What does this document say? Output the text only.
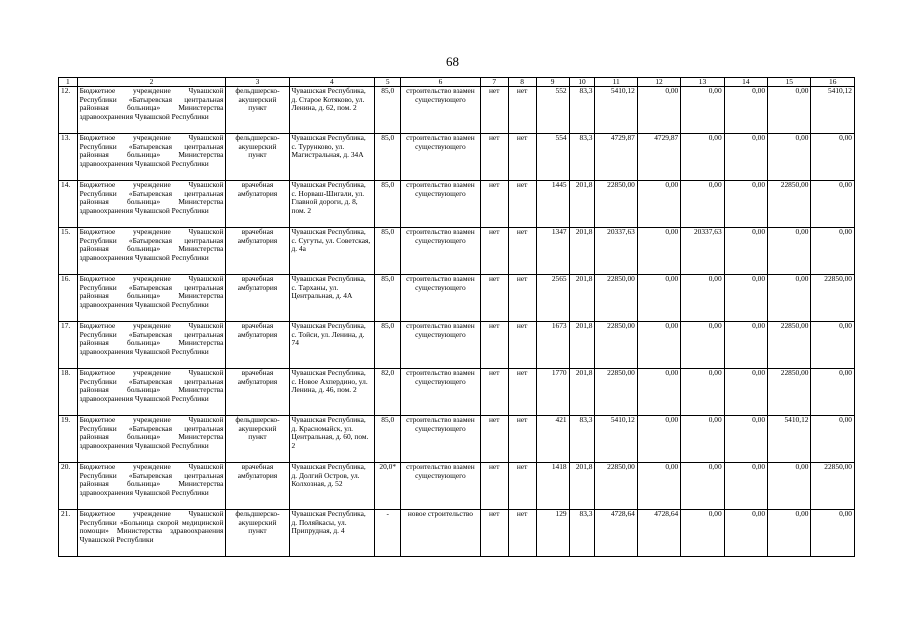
68
1	2	3	4	5	6	7	8	9	10	11	12	13	14	15	16
12.	Бюджетное учреждение Чувашской Республики «Батыревская центральная районная больница» Министерства здравоохранения Чувашской Республики	фельдшерско-акушерский пункт	Чувашская Республика, д. Старое Котяково, ул. Ленина, д. 62, пом. 2	85,0	строительство взамен существующего	нет	нет	552	83,3	5410,12	0,00	0,00	0,00	0,00	5410,12
13.	Бюджетное учреждение Чувашской Республики «Батыревская центральная районная больница» Министерства здравоохранения Чувашской Республики	фельдшерско-акушерский пункт	Чувашская Республика, с. Турунково, ул. Магистральная, д. 34А	85,0	строительство взамен существующего	нет	нет	554	83,3	4729,87	4729,87	0,00	0,00	0,00	0,00
14.	Бюджетное учреждение Чувашской Республики «Батыревская центральная районная больница» Министерства здравоохранения Чувашской Республики	врачебная амбулатория	Чувашская Республика, с. Норваш-Шигали, ул. Главной дороги, д. 8, пом. 2	85,0	строительство взамен существующего	нет	нет	1445	201,8	22850,00	0,00	0,00	0,00	22850,00	0,00
15.	Бюджетное учреждение Чувашской Республики «Батыревская центральная районная больница» Министерства здравоохранения Чувашской Республики	врачебная амбулатория	Чувашская Республика, с. Сугуты, ул. Советская, д. 4а	85,0	строительство взамен существующего	нет	нет	1347	201,8	20337,63	0,00	20337,63	0,00	0,00	0,00
16.	Бюджетное учреждение Чувашской Республики «Батыревская центральная районная больница» Министерства здравоохранения Чувашской Республики	врачебная амбулатория	Чувашская Республика, с. Тарханы, ул. Центральная, д. 4А	85,0	строительство взамен существующего	нет	нет	2565	201,8	22850,00	0,00	0,00	0,00	0,00	22850,00
17.	Бюджетное учреждение Чувашской Республики «Батыревская центральная районная больница» Министерства здравоохранения Чувашской Республики	врачебная амбулатория	Чувашская Республика, с. Тойси, ул. Ленина, д. 74	85,0	строительство взамен существующего	нет	нет	1673	201,8	22850,00	0,00	0,00	0,00	22850,00	0,00
18.	Бюджетное учреждение Чувашской Республики «Батыревская центральная районная больница» Министерства здравоохранения Чувашской Республики	врачебная амбулатория	Чувашская Республика, с. Новое Ахпердино, ул. Ленина, д. 46, пом. 2	82,0	строительство взамен существующего	нет	нет	1770	201,8	22850,00	0,00	0,00	0,00	22850,00	0,00
19.	Бюджетное учреждение Чувашской Республики «Батыревская центральная районная больница» Министерства здравоохранения Чувашской Республики	фельдшерско-акушерский пункт	Чувашская Республика, д. Красномайск, ул. Центральная, д. 60, пом. 2	85,0	строительство взамен существующего	нет	нет	421	83,3	5410,12	0,00	0,00	0,00	5410,12	0,00
20.	Бюджетное учреждение Чувашской Республики «Батыревская центральная районная больница» Министерства здравоохранения Чувашской Республики	врачебная амбулатория	Чувашская Республика, д. Долгий Остров, ул. Колхозная, д. 52	20,0*	строительство взамен существующего	нет	нет	1418	201,8	22850,00	0,00	0,00	0,00	0,00	22850,00
21.	Бюджетное учреждение Чувашской Республики «Больница скорой медицинской помощи» Министерства здравоохранения Чувашской Республики	фельдшерско-акушерский пункт	Чувашская Республика, д. Поляйкасы, ул. Припрудная, д. 4	-	новое строительство	нет	нет	129	83,3	4728,64	4728,64	0,00	0,00	0,00	0,00
